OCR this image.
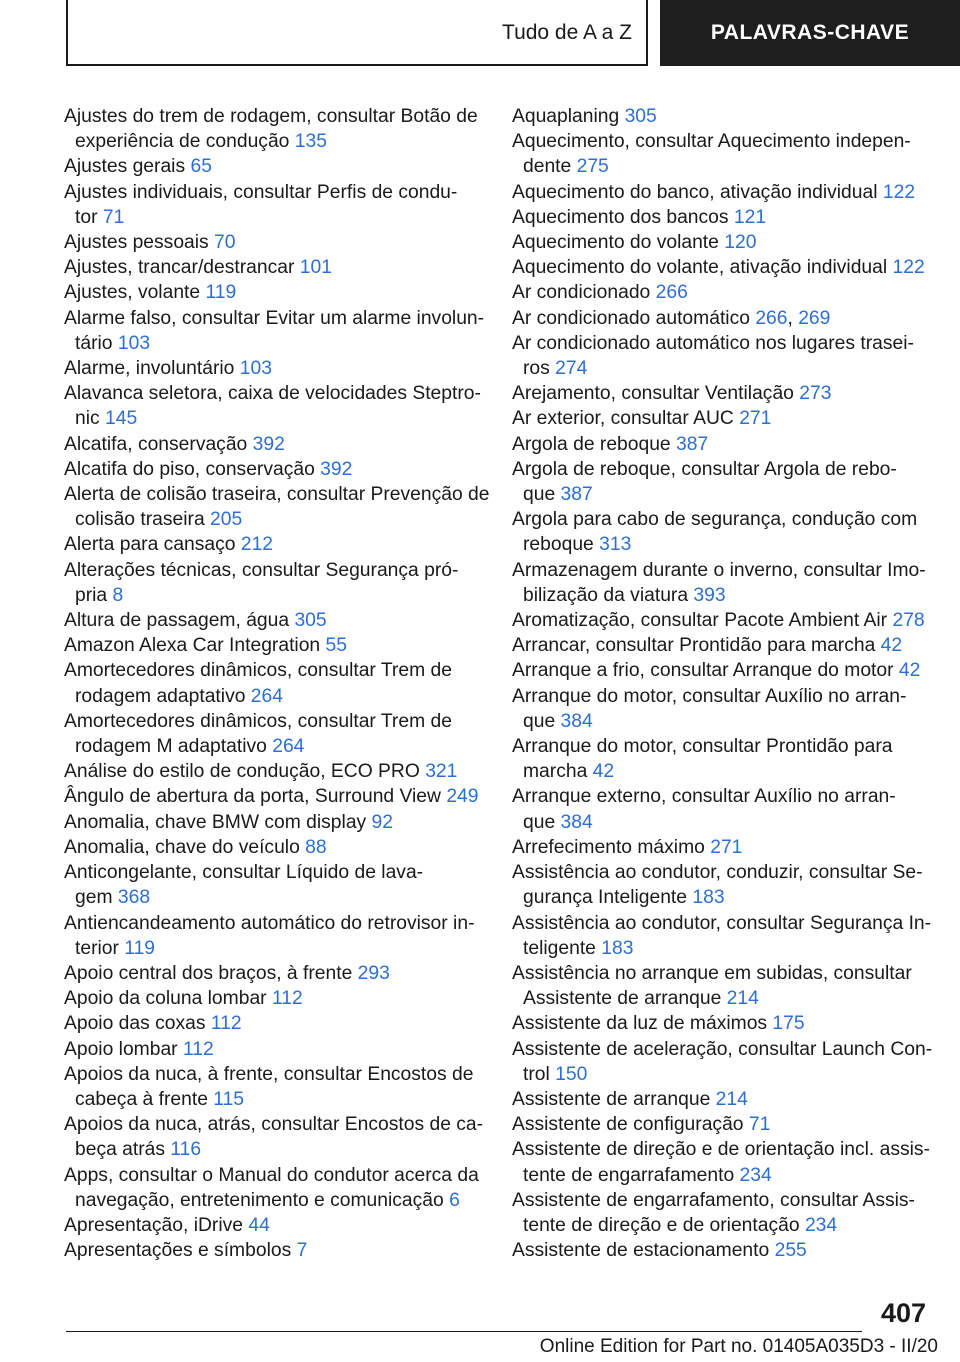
Tudo de A a Z	PALAVRAS-CHAVE

Ajustes do trem de rodagem, consultar Botão de
experiência de condução 135

Ajustes gerais 65

Ajustes individuais, consultar Perfis de condu-
tor 71

Ajustes pessoais 70

Ajustes, trancar/destrancar 101

Ajustes, volante 119

Alarme falso, consultar Evitar um alarme involun-
tário 103

Alarme, involuntário 103

Alavanca seletora, caixa de velocidades Steptro-
nic 145

Alcatifa, conservação 392

Alcatifa do piso, conservação 392

Alerta de colisão traseira, consultar Prevenção de
colisão traseira 205

Alerta para cansaço 212

Alterações técnicas, consultar Segurança pró-
pria 8

Altura de passagem, água 305

Amazon Alexa Car Integration 55

Amortecedores dinâmicos, consultar Trem de
rodagem adaptativo 264

Amortecedores dinâmicos, consultar Trem de
rodagem M adaptativo 264

Análise do estilo de condução, ECO PRO 321

Ângulo de abertura da porta, Surround View 249

Anomalia, chave BMW com display 92

Anomalia, chave do veículo 88

Anticongelante, consultar Líquido de lava-
gem 368

Antiencandeamento automático do retrovisor in-
terior 119

Apoio central dos braços, à frente 293

Apoio da coluna lombar 112

Apoio das coxas 112

Apoio lombar 112

Apoios da nuca, à frente, consultar Encostos de
cabeça à frente 115

Apoios da nuca, atrás, consultar Encostos de ca-
beça atrás 116

Apps, consultar o Manual do condutor acerca da
navegação, entretenimento e comunicação 6

Apresentação, iDrive 44

Apresentações e símbolos 7

Aquaplaning 305

Aquecimento, consultar Aquecimento indepen-
dente 275

Aquecimento do banco, ativação individual 122

Aquecimento dos bancos 121

Aquecimento do volante 120

Aquecimento do volante, ativação individual 122

Ar condicionado 266

Ar condicionado automático 266, 269

Ar condicionado automático nos lugares trasei-
ros 274

Arejamento, consultar Ventilação 273

Ar exterior, consultar AUC 271

Argola de reboque 387

Argola de reboque, consultar Argola de rebo-
que 387

Argola para cabo de segurança, condução com
reboque 313

Armazenagem durante o inverno, consultar Imo-
bilização da viatura 393

Aromatização, consultar Pacote Ambient Air 278

Arrancar, consultar Prontidão para marcha 42

Arranque a frio, consultar Arranque do motor 42

Arranque do motor, consultar Auxílio no arran-
que 384

Arranque do motor, consultar Prontidão para
marcha 42

Arranque externo, consultar Auxílio no arran-
que 384

Arrefecimento máximo 271

Assistência ao condutor, conduzir, consultar Se-
gurança Inteligente 183

Assistência ao condutor, consultar Segurança In-
teligente 183

Assistência no arranque em subidas, consultar
Assistente de arranque 214

Assistente da luz de máximos 175

Assistente de aceleração, consultar Launch Con-
trol 150

Assistente de arranque 214

Assistente de configuração 71

Assistente de direção e de orientação incl. assis-
tente de engarrafamento 234

Assistente de engarrafamento, consultar Assis-
tente de direção e de orientação 234

Assistente de estacionamento 255

407
Online Edition for Part no. 01405A035D3 - II/20
